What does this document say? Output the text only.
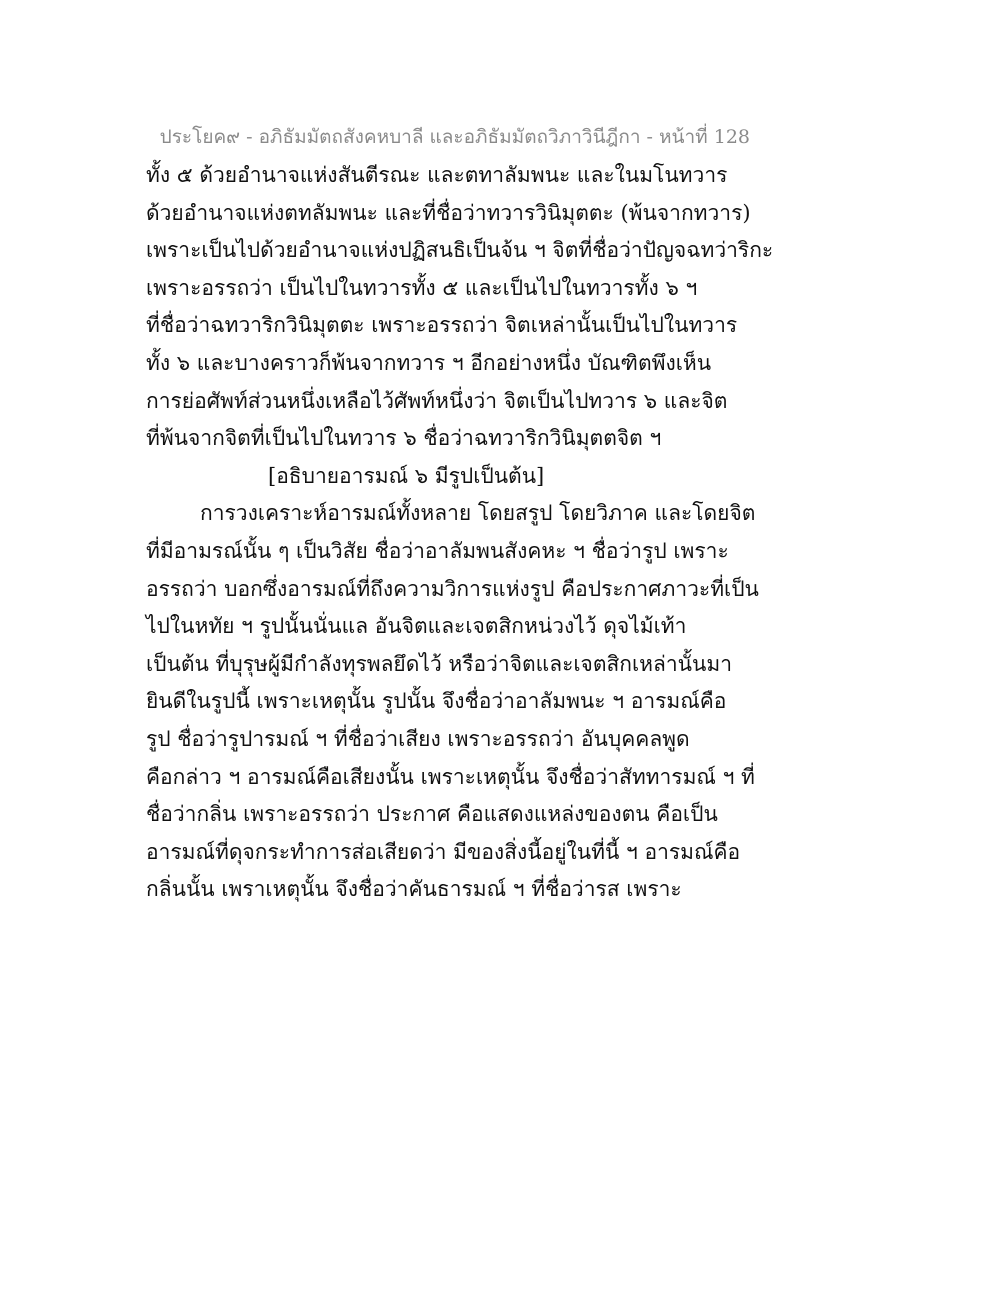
ประโยค๙ - อภิธัมมัตถสังคหบาลี และอภิธัมมัตถวิภาวินีฎีกา - หน้าที่ 128
ทั้ง ๕ ด้วยอำนาจแห่งสันตีรณะ และตทาลัมพนะ และในมโนทวาร
ด้วยอำนาจแห่งตทลัมพนะ และที่ชื่อว่าทวารวินิมุตตะ (พ้นจากทวาร)
เพราะเป็นไปด้วยอำนาจแห่งปฏิสนธิเป็นจ้น ฯ จิตที่ชื่อว่าปัญจฉทว่าริกะ
เพราะอรรถว่า เป็นไปในทวารทั้ง ๕ และเป็นไปในทวารทั้ง ๖ ฯ
ที่ชื่อว่าฉทวาริกวินิมุตตะ เพราะอรรถว่า จิตเหล่านั้นเป็นไปในทวาร
ทั้ง ๖ และบางคราวก็พ้นจากทวาร ฯ อีกอย่างหนึ่ง บัณฑิตพึงเห็น
การย่อศัพท์ส่วนหนึ่งเหลือไว้ศัพท์หนึ่งว่า จิตเป็นไปทวาร ๖ และจิต
ที่พ้นจากจิตที่เป็นไปในทวาร ๖ ชื่อว่าฉทวาริกวินิมุตตจิต ฯ
[อธิบายอารมณ์ ๖ มีรูปเป็นต้น]
การวงเคราะห์อารมณ์ทั้งหลาย โดยสรูป โดยวิภาค และโดยจิต
ที่มีอามรณ์นั้น ๆ เป็นวิสัย ชื่อว่าอาลัมพนสังคหะ ฯ ชื่อว่ารูป เพราะ
อรรถว่า บอกซึ่งอารมณ์ที่ถึงความวิการแห่งรูป คือประกาศภาวะที่เป็น
ไปในหทัย ฯ รูปนั้นนั่นแล อันจิตและเจตสิกหน่วงไว้ ดุจไม้เท้า
เป็นต้น ที่บุรุษผู้มีกำลังทุรพลยึดไว้ หรือว่าจิตและเจตสิกเหล่านั้นมา
ยินดีในรูปนี้ เพราะเหตุนั้น รูปนั้น จึงชื่อว่าอาลัมพนะ ฯ อารมณ์คือ
รูป ชื่อว่ารูปารมณ์ ฯ ที่ชื่อว่าเสียง เพราะอรรถว่า อันบุคคลพูด
คือกล่าว ฯ อารมณ์คือเสียงนั้น เพราะเหตุนั้น จึงชื่อว่าสัททารมณ์ ฯ ที่
ชื่อว่ากลิ่น เพราะอรรถว่า ประกาศ คือแสดงแหล่งของตน คือเป็น
อารมณ์ที่ดุจกระทำการส่อเสียดว่า มีของสิ่งนี้อยู่ในที่นี้ ฯ อารมณ์คือ
กลิ่นนั้น เพราเหตุนั้น จึงชื่อว่าคันธารมณ์ ฯ ที่ชื่อว่ารส เพราะ
